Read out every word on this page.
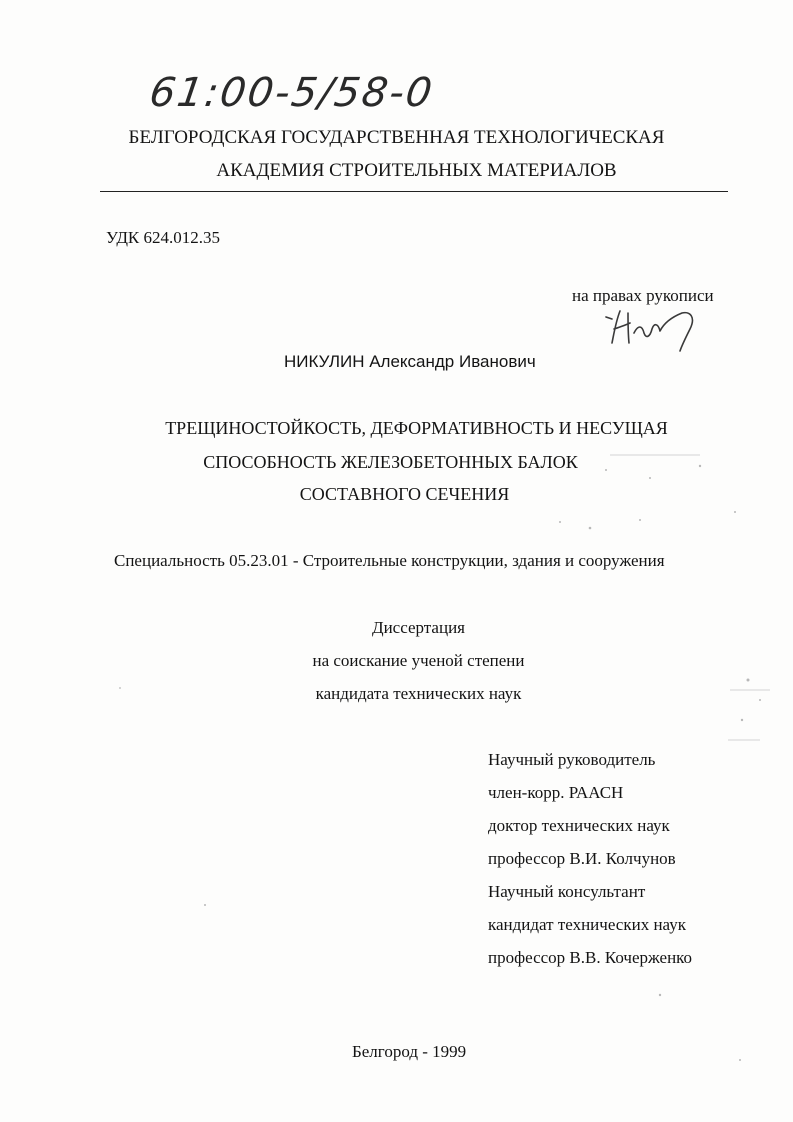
61:00-5/58-0
БЕЛГОРОДСКАЯ ГОСУДАРСТВЕННАЯ ТЕХНОЛОГИЧЕСКАЯ
АКАДЕМИЯ СТРОИТЕЛЬНЫХ МАТЕРИАЛОВ
УДК 624.012.35
на правах рукописи
НИКУЛИН Александр Иванович
ТРЕЩИНОСТОЙКОСТЬ, ДЕФОРМАТИВНОСТЬ И НЕСУЩАЯ
СПОСОБНОСТЬ ЖЕЛЕЗОБЕТОННЫХ БАЛОК
СОСТАВНОГО СЕЧЕНИЯ
Специальность 05.23.01 - Строительные конструкции, здания и сооружения
Диссертация
на соискание ученой степени
кандидата технических наук
Научный руководитель
член-корр. РААСН
доктор технических наук
профессор В.И. Колчунов
Научный консультант
кандидат технических наук
профессор В.В. Кочерженко
Белгород - 1999
